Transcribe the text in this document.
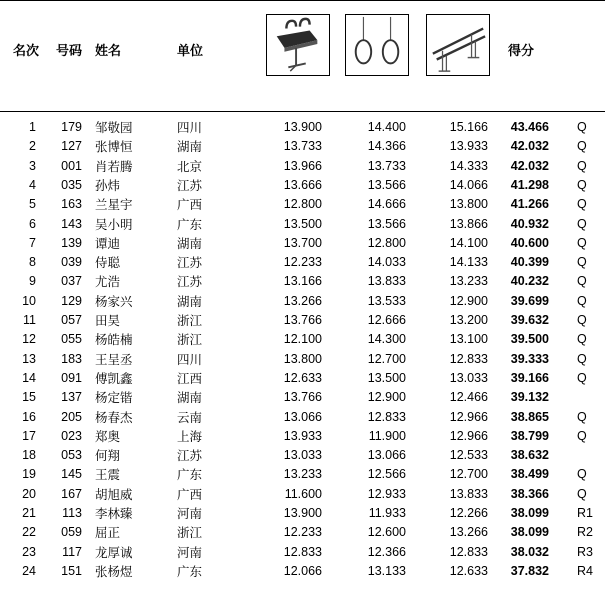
名次 号码 姓名	单位	得分
1	179 邹敬园	四川	13.900	14.400	15.166	43.466 Q
2	127 张博恒	湖南	13.733	14.366	13.933	42.032 Q
3	001 肖若腾	北京	13.966	13.733	14.333	42.032 Q
4	035 孙炜	江苏	13.666	13.566	14.066	41.298 Q
5	163 兰星宇	广西	12.800	14.666	13.800	41.266 Q
6	143 吴小明	广东	13.500	13.566	13.866	40.932 Q
7	139 谭迪	湖南	13.700	12.800	14.100	40.600 Q
8	039 侍聪	江苏	12.233	14.033	14.133	40.399 Q
9	037 尤浩	江苏	13.166	13.833	13.233	40.232 Q
10	129 杨家兴	湖南	13.266	13.533	12.900	39.699 Q
11	057 田昊	浙江	13.766	12.666	13.200	39.632 Q
12	055 杨皓楠	浙江	12.100	14.300	13.100	39.500 Q
13	183 王呈丞	四川	13.800	12.700	12.833	39.333 Q
14	091 傅凯鑫	江西	12.633	13.500	13.033	39.166 Q
15	137 杨定锴	湖南	13.766	12.900	12.466	39.132
16	205 杨春杰	云南	13.066	12.833	12.966	38.865 Q
17	023 郑奥	上海	13.933	11.900	12.966	38.799 Q
18	053 何翔	江苏	13.033	13.066	12.533	38.632
19	145 王震	广东	13.233	12.566	12.700	38.499 Q
20	167 胡旭威	广西	11.600	12.933	13.833	38.366 Q
21	113 李林臻	河南	13.900	11.933	12.266	38.099 R1
22	059 屈正	浙江	12.233	12.600	13.266	38.099 R2
23	117 龙厚诚	河南	12.833	12.366	12.833	38.032 R3
24	151 张杨煜	广东	12.066	13.133	12.633	37.832 R4
